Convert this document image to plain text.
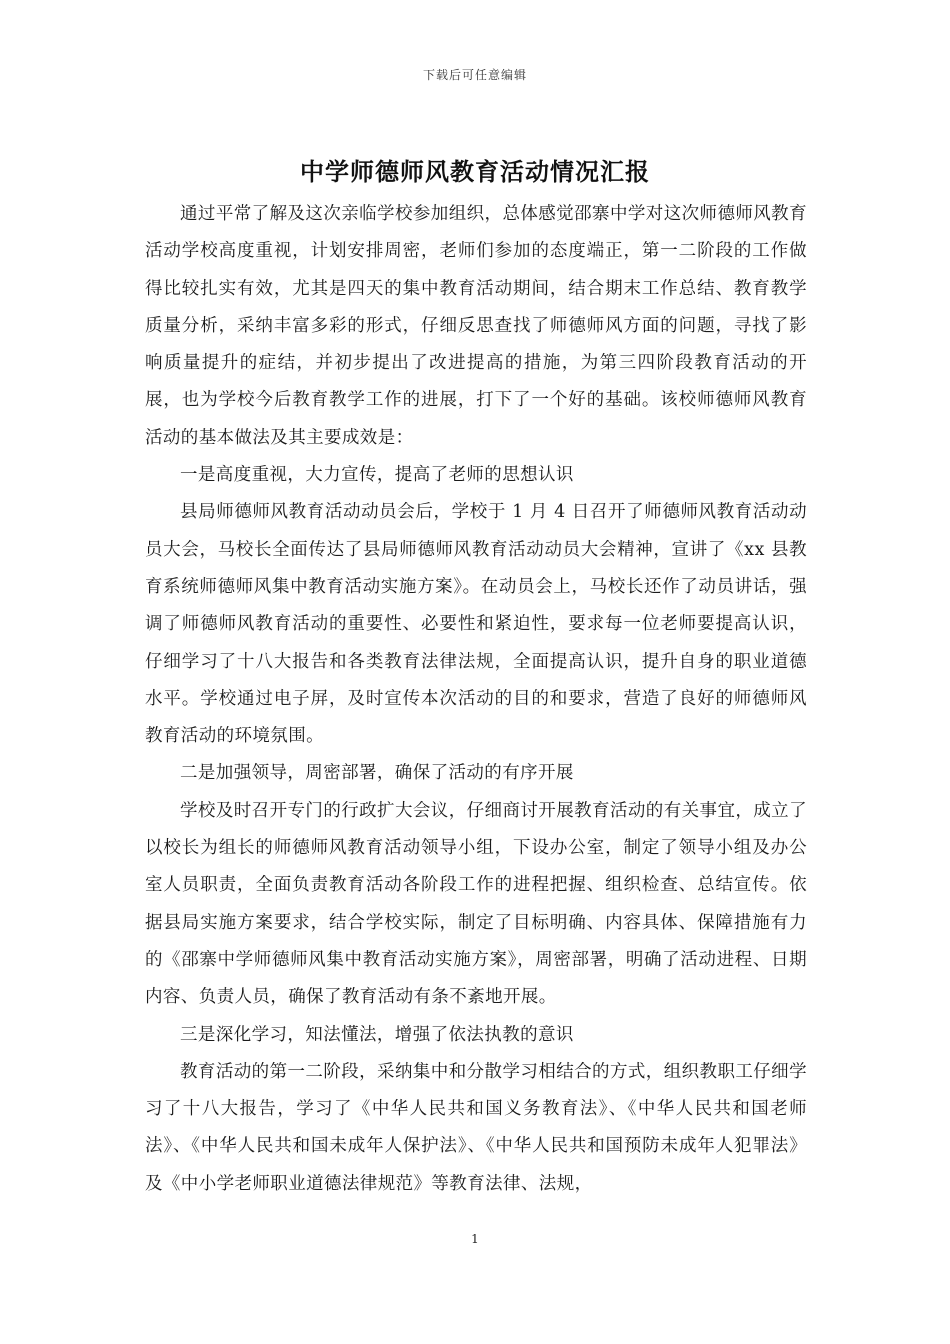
下载后可任意编辑
中学师德师风教育活动情况汇报

通过平常了解及这次亲临学校参加组织，总体感觉邵寨中学对这次师德师风教育活动学校高度重视，计划安排周密，老师们参加的态度端正，第一二阶段的工作做得比较扎实有效，尤其是四天的集中教育活动期间，结合期末工作总结、教育教学质量分析，采纳丰富多彩的形式，仔细反思查找了师德师风方面的问题，寻找了影响质量提升的症结，并初步提出了改进提高的措施，为第三四阶段教育活动的开展，也为学校今后教育教学工作的进展，打下了一个好的基础。该校师德师风教育活动的基本做法及其主要成效是：

一是高度重视，大力宣传，提高了老师的思想认识

县局师德师风教育活动动员会后，学校于 1 月 4 日召开了师德师风教育活动动员大会，马校长全面传达了县局师德师风教育活动动员大会精神，宣讲了《xx 县教育系统师德师风集中教育活动实施方案》。在动员会上，马校长还作了动员讲话，强调了师德师风教育活动的重要性、必要性和紧迫性，要求每一位老师要提高认识，仔细学习了十八大报告和各类教育法律法规，全面提高认识，提升自身的职业道德水平。学校通过电子屏，及时宣传本次活动的目的和要求，营造了良好的师德师风教育活动的环境氛围。

二是加强领导，周密部署，确保了活动的有序开展

学校及时召开专门的行政扩大会议，仔细商讨开展教育活动的有关事宜，成立了以校长为组长的师德师风教育活动领导小组，下设办公室，制定了领导小组及办公室人员职责，全面负责教育活动各阶段工作的进程把握、组织检查、总结宣传。依据县局实施方案要求，结合学校实际，制定了目标明确、内容具体、保障措施有力的《邵寨中学师德师风集中教育活动实施方案》，周密部署，明确了活动进程、日期内容、负责人员，确保了教育活动有条不紊地开展。

三是深化学习，知法懂法，增强了依法执教的意识

教育活动的第一二阶段，采纳集中和分散学习相结合的方式，组织教职工仔细学习了十八大报告，学习了《中华人民共和国义务教育法》、《中华人民共和国老师法》、《中华人民共和国未成年人保护法》、《中华人民共和国预防未成年人犯罪法》及《中小学老师职业道德法律规范》等教育法律、法规，

1
